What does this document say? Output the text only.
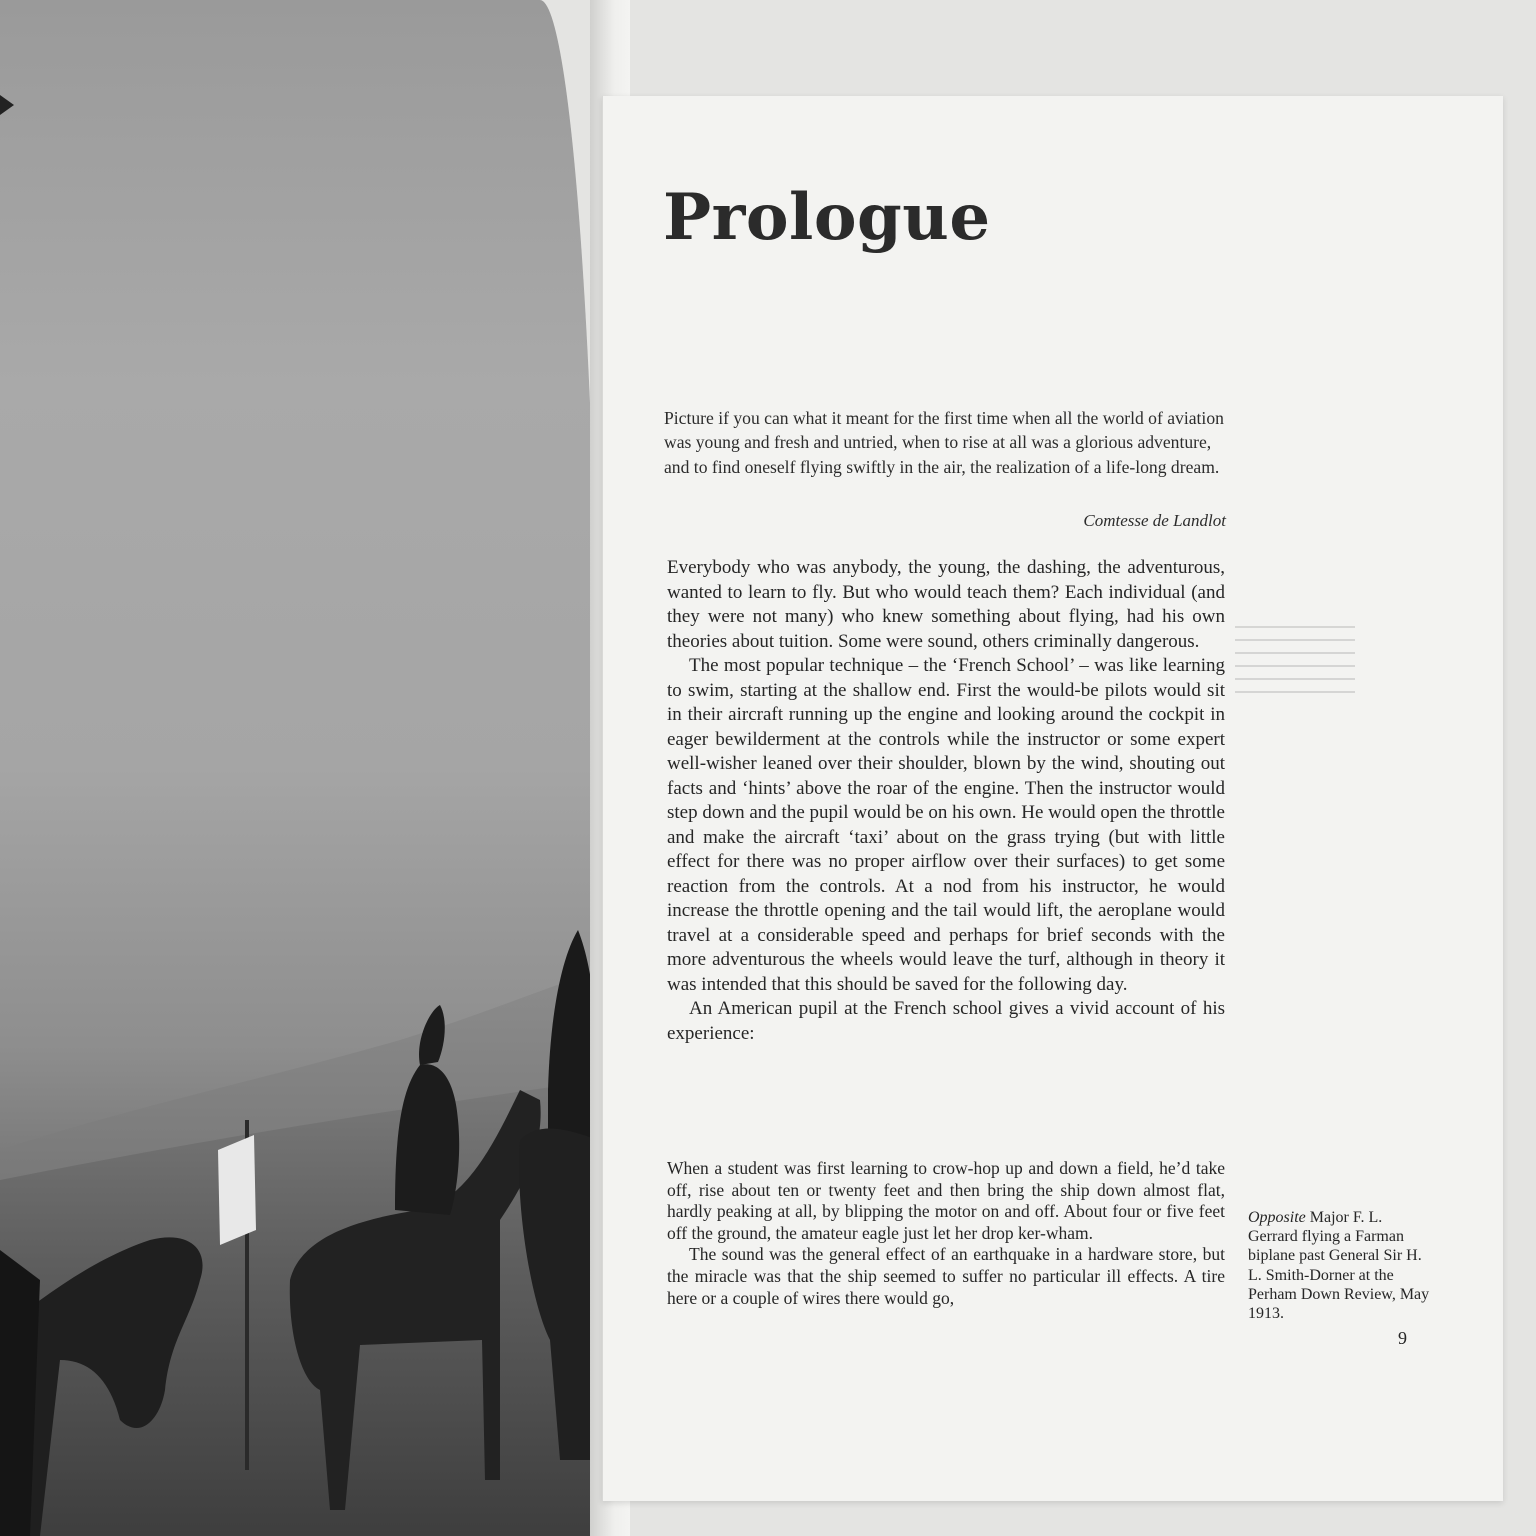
Prologue

Picture if you can what it meant for the first time when all the world of aviation was young and fresh and untried, when to rise at all was a glorious adventure, and to find oneself flying swiftly in the air, the realization of a life-long dream.

Comtesse de Landlot

Everybody who was anybody, the young, the dashing, the adventurous, wanted to learn to fly. But who would teach them? Each individual (and they were not many) who knew something about flying, had his own theories about tuition. Some were sound, others criminally dangerous.

The most popular technique – the ‘French School’ – was like learning to swim, starting at the shallow end. First the would-be pilots would sit in their aircraft running up the engine and looking around the cockpit in eager bewilderment at the controls while the instructor or some expert well-wisher leaned over their shoulder, blown by the wind, shouting out facts and ‘hints’ above the roar of the engine. Then the instructor would step down and the pupil would be on his own. He would open the throttle and make the aircraft ‘taxi’ about on the grass trying (but with little effect for there was no proper airflow over their surfaces) to get some reaction from the controls. At a nod from his instructor, he would increase the throttle opening and the tail would lift, the aeroplane would travel at a considerable speed and perhaps for brief seconds with the more adventurous the wheels would leave the turf, although in theory it was intended that this should be saved for the following day.

An American pupil at the French school gives a vivid account of his experience:

When a student was first learning to crow-hop up and down a field, he’d take off, rise about ten or twenty feet and then bring the ship down almost flat, hardly peaking at all, by blipping the motor on and off. About four or five feet off the ground, the amateur eagle just let her drop ker-wham.

The sound was the general effect of an earthquake in a hardware store, but the miracle was that the ship seemed to suffer no particular ill effects. A tire here or a couple of wires there would go,

Opposite Major F. L. Gerrard flying a Farman biplane past General Sir H. L. Smith-Dorner at the Perham Down Review, May 1913.
9
